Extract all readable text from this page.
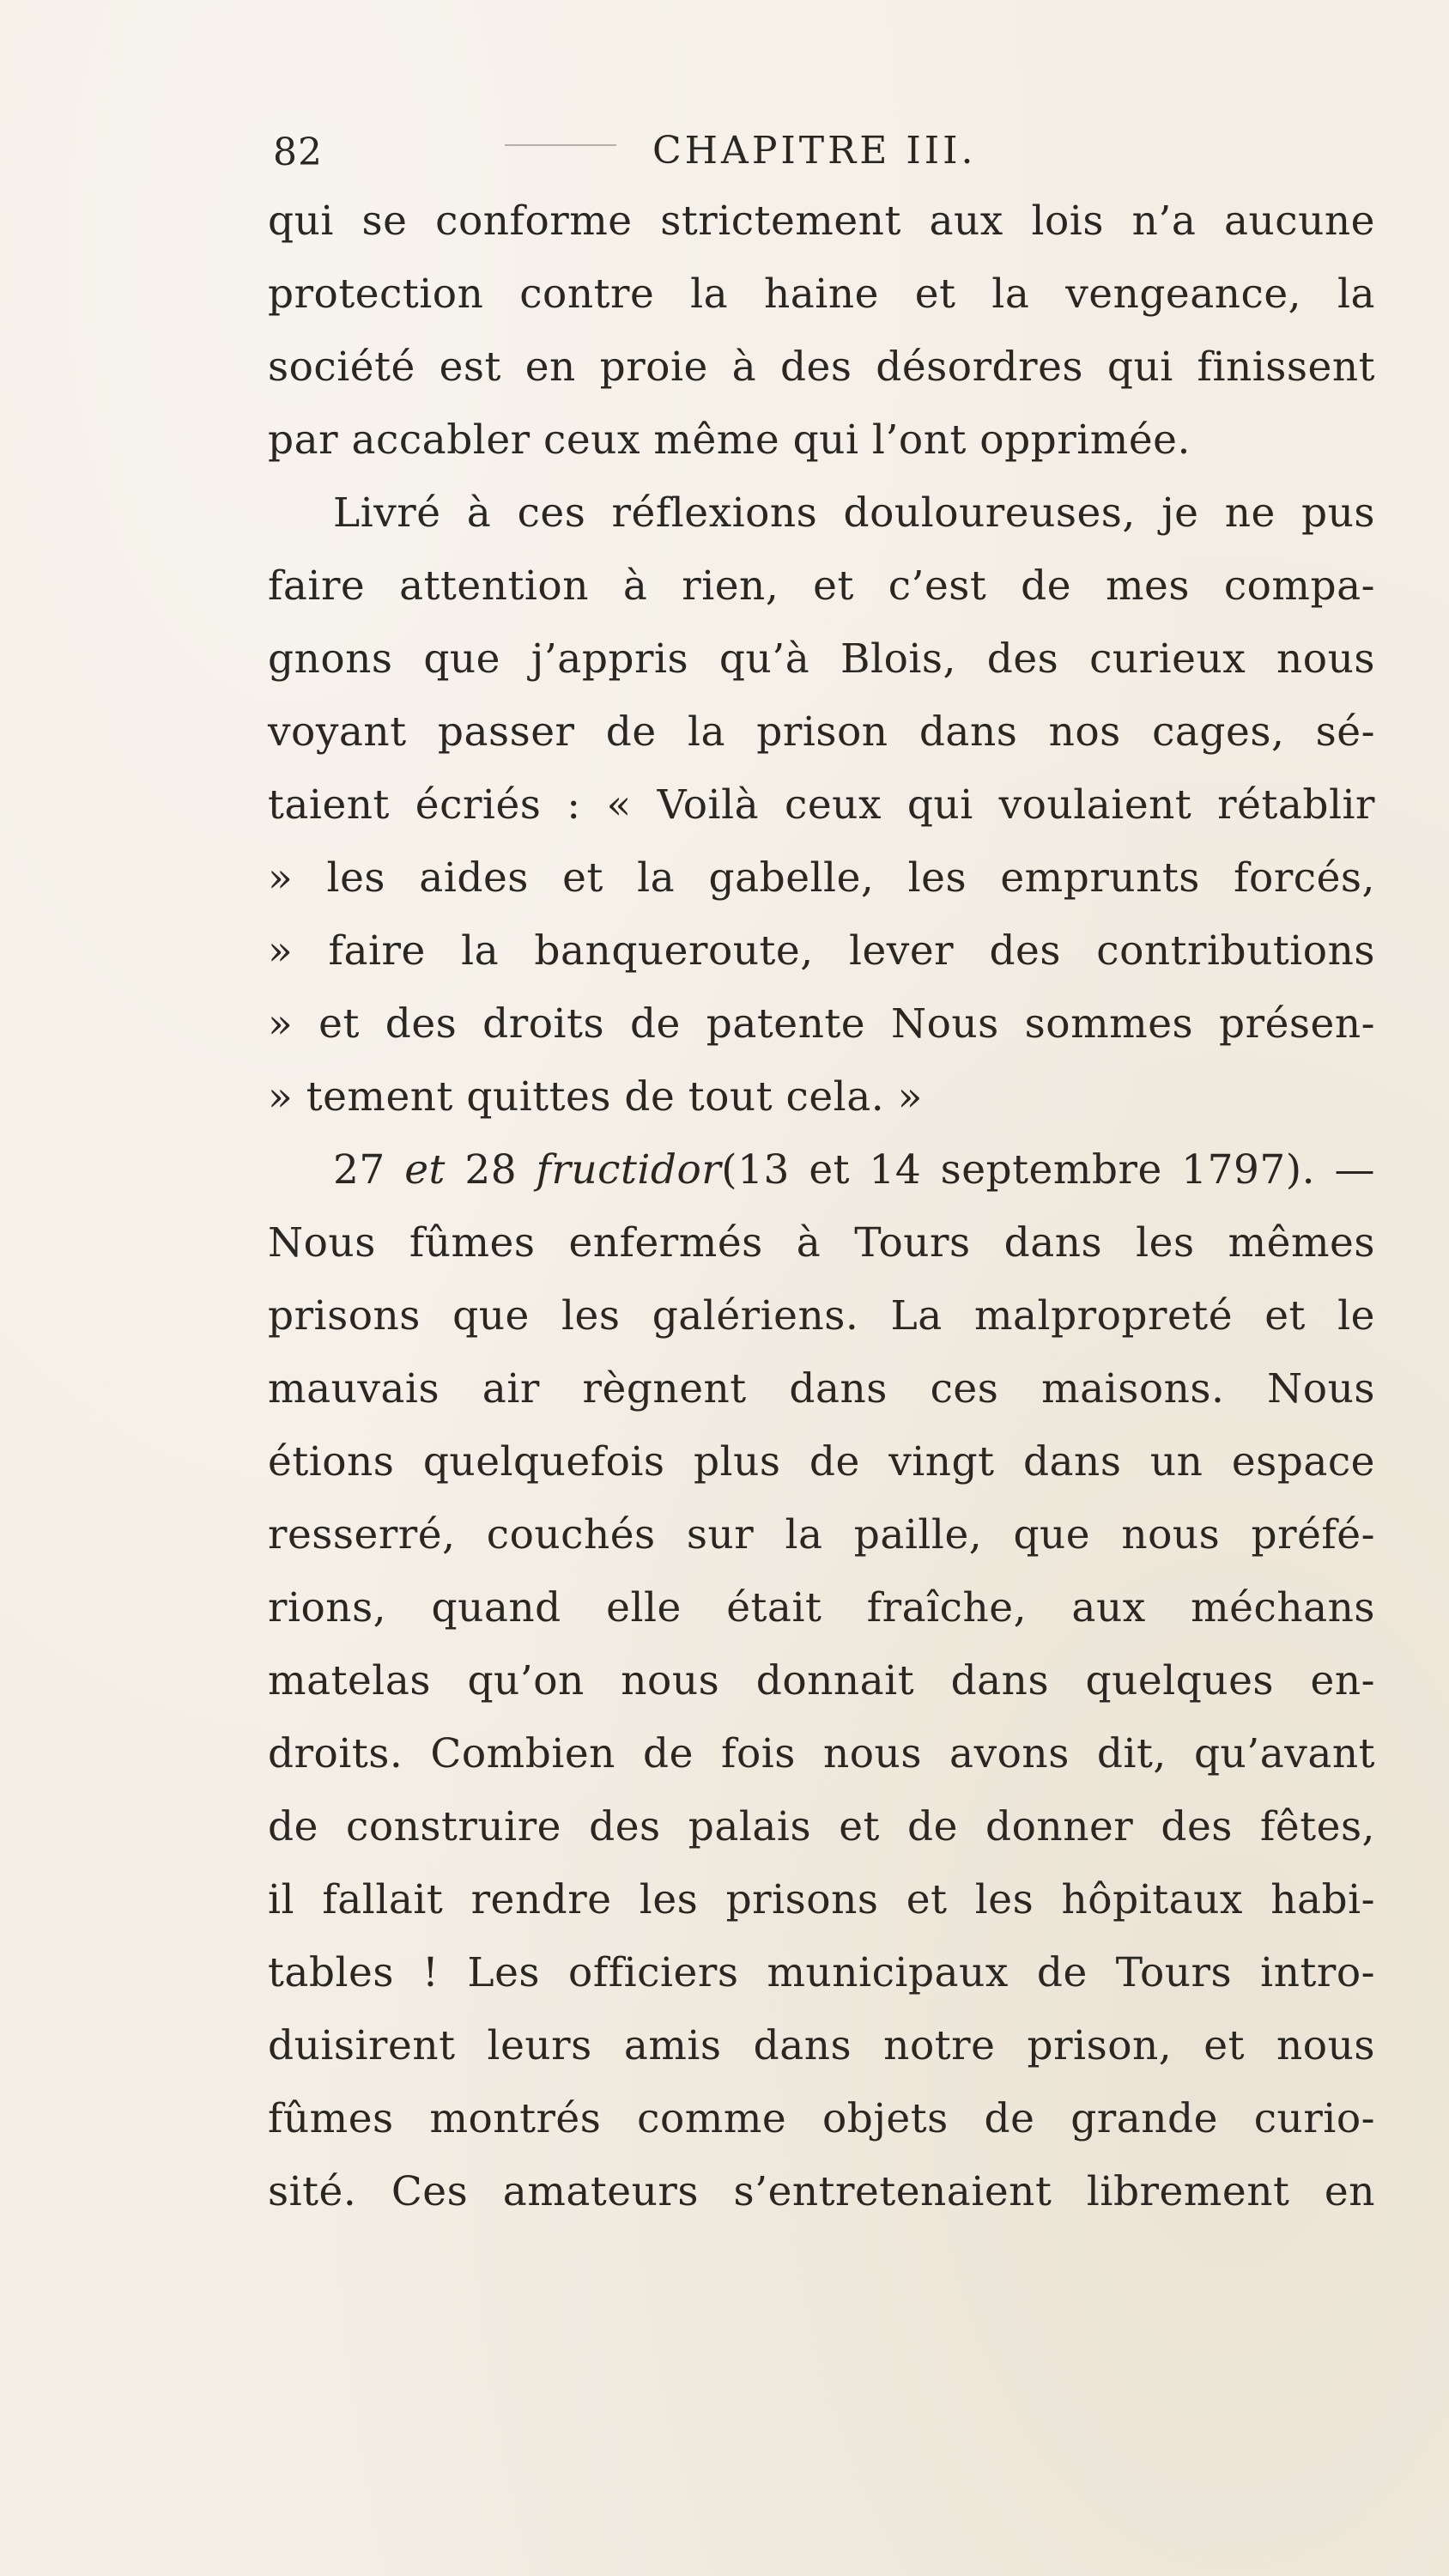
82	CHAPITRE III.
qui se conforme strictement aux lois n’a aucune
protection contre la haine et la vengeance, la
société est en proie à des désordres qui finissent
par accabler ceux même qui l’ont opprimée.
Livré à ces réflexions douloureuses, je ne pus
faire attention à rien, et c’est de mes compa-
gnons que j’appris qu’à Blois, des curieux nous
voyant passer de la prison dans nos cages, sé-
taient écriés : « Voilà ceux qui voulaient rétablir
» les aides et la gabelle, les emprunts forcés,
» faire la banqueroute, lever des contributions
» et des droits de patente Nous sommes présen-
» tement quittes de tout cela. »
27 et 28 fructidor(13 et 14 septembre 1797). —
Nous fûmes enfermés à Tours dans les mêmes
prisons que les galériens. La malpropreté et le
mauvais air règnent dans ces maisons. Nous
étions quelquefois plus de vingt dans un espace
resserré, couchés sur la paille, que nous préfé-
rions, quand elle était fraîche, aux méchans
matelas qu’on nous donnait dans quelques en-
droits. Combien de fois nous avons dit, qu’avant
de construire des palais et de donner des fêtes,
il fallait rendre les prisons et les hôpitaux habi-
tables ! Les officiers municipaux de Tours intro-
duisirent leurs amis dans notre prison, et nous
fûmes montrés comme objets de grande curio-
sité. Ces amateurs s’entretenaient librement en
